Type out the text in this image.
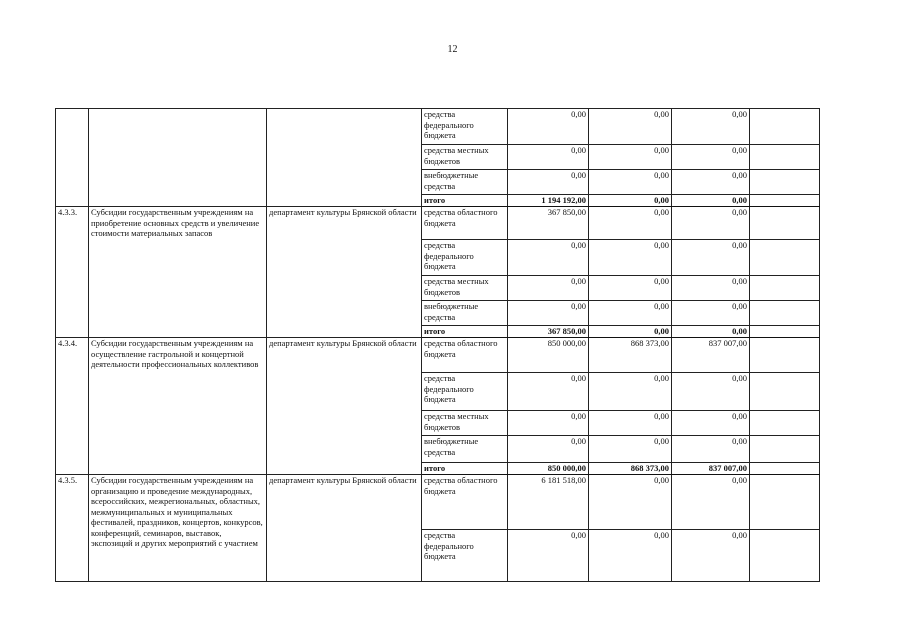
12
			средства федерального бюджета	0,00	0,00	0,00	
			средства местных бюджетов	0,00	0,00	0,00	
			внебюджетные средства	0,00	0,00	0,00	
			итого	1 194 192,00	0,00	0,00	
4.3.3.	Субсидии государственным учреждениям на приобретение основных средств и увеличение стоимости материальных запасов	департамент культуры Брянской области	средства областного бюджета	367 850,00	0,00	0,00	
			средства федерального бюджета	0,00	0,00	0,00	
			средства местных бюджетов	0,00	0,00	0,00	
			внебюджетные средства	0,00	0,00	0,00	
			итого	367 850,00	0,00	0,00	
4.3.4.	Субсидии государственным учреждениям на осуществление гастрольной и концертной деятельности профессиональных коллективов	департамент культуры Брянской области	средства областного бюджета	850 000,00	868 373,00	837 007,00	
			средства федерального бюджета	0,00	0,00	0,00	
			средства местных бюджетов	0,00	0,00	0,00	
			внебюджетные средства	0,00	0,00	0,00	
			итого	850 000,00	868 373,00	837 007,00	
4.3.5.	Субсидии государственным учреждениям на организацию и проведение международных, всероссийских, межрегиональных, областных, межмуниципальных и муниципальных фестивалей, праздников, концертов, конкурсов, конференций, семинаров, выставок, экспозиций и других мероприятий с участием	департамент культуры Брянской области	средства областного бюджета	6 181 518,00	0,00	0,00	
			средства федерального бюджета	0,00	0,00	0,00	
